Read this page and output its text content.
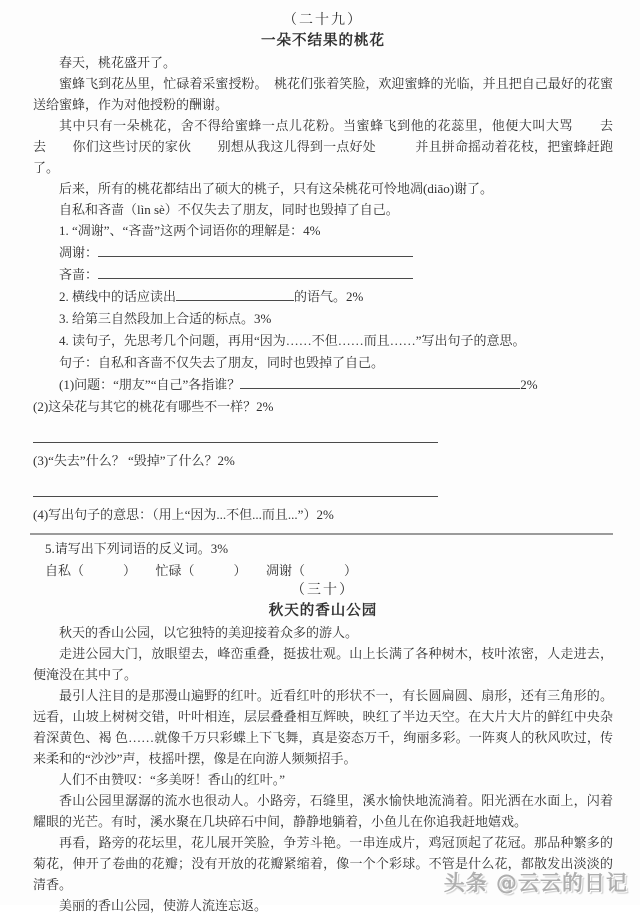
（二十九）
一朵不结果的桃花

春天，桃花盛开了。

蜜蜂飞到花丛里，忙碌着采蜜授粉。　桃花们张着笑脸，欢迎蜜蜂的光临，并且把自己最好的花蜜送给蜜蜂，作为对他授粉的酬谢。

其中只有一朵桃花，舍不得给蜜蜂一点儿花粉。当蜜蜂飞到他的花蕊里，他便大叫大骂　　去　　去　　你们这些讨厌的家伙　　别想从我这儿得到一点好处　　　并且拼命摇动着花枝，把蜜蜂赶跑了。

后来，所有的桃花都结出了硕大的桃子，只有这朵桃花可怜地凋(diāo)谢了。

自私和吝啬（lìn sè）不仅失去了朋友，同时也毁掉了自己。

1. “凋谢”、“吝啬”这两个词语你的理解是：4%
凋谢：
吝啬：
2. 横线中的话应读出	的语气。2%
3. 给第三自然段加上合适的标点。3%
4. 读句子，先思考几个问题，再用“因为……不但……而且……”写出句子的意思。
句子：自私和吝啬不仅失去了朋友，同时也毁掉了自己。
(1)问题：“朋友”“自己”各指谁？	2%
(2)这朵花与其它的桃花有哪些不一样？2%
(3)“失去”什么？ “毁掉”了什么？2%
(4)写出句子的意思：（用上“因为...不但...而且...”）2%
5.请写出下列词语的反义词。3%
自私（　　　）　　忙碌（　　　）　　凋谢（　　　）
（三十）
秋天的香山公园

秋天的香山公园，以它独特的美迎接着众多的游人。

走进公园大门，放眼望去，峰峦重叠，挺拔壮观。山上长满了各种树木，枝叶浓密，人走进去，便淹没在其中了。

最引人注目的是那漫山遍野的红叶。近看红叶的形状不一，有长圆扁圆、扇形，还有三角形的。远看，山坡上树树交错，叶叶相连，层层叠叠相互辉映，映红了半边天空。在大片大片的鲜红中央杂着深黄色、褐 色……就像千万只彩蝶上下飞舞，真是姿态万千，绚丽多彩。一阵爽人的秋风吹过，传来柔和的“沙沙”声，枝摇叶摆，像是在向游人频频招手。

人们不由赞叹：“多美呀！香山的红叶。”

香山公园里潺潺的流水也很动人。小路旁，石缝里，溪水愉快地流淌着。阳光洒在水面上，闪着耀眼的光芒。有时，溪水聚在几块碎石中间，静静地躺着，小鱼儿在你追我赶地嬉戏。

再看，路旁的花坛里，花儿展开笑脸，争芳斗艳。一串连成片，鸡冠顶起了花冠。那品种繁多的菊花，伸开了卷曲的花瓣；没有开放的花瓣紧缩着，像一个个彩球。不管是什么花，都散发出淡淡的清香。

美丽的香山公园，使游人流连忘返。

头条 @云云的日记
